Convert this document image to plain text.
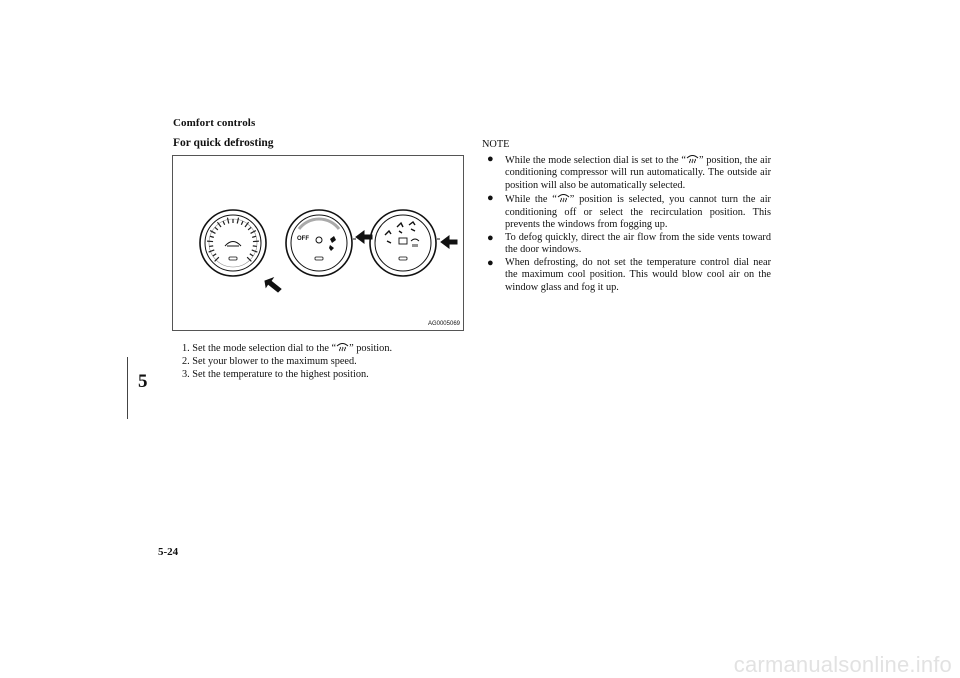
Comfort controls
For quick defrosting
5
OFF
AG0005069
1. Set the mode selection dial to the “ ” position.
2. Set your blower to the maximum speed.
3. Set the temperature to the highest position.
NOTE
● While the mode selection dial is set to the “ ” position, the air conditioning compressor will run automatically. The outside air position will also be automatically selected.
● While the “ ” position is selected, you cannot turn the air conditioning off or select the recirculation position. This prevents the windows from fogging up.
● To defog quickly, direct the air flow from the side vents toward the door windows.
● When defrosting, do not set the temperature control dial near the maximum cool position. This would blow cool air on the window glass and fog it up.
5-24
carmanualsonline.info
